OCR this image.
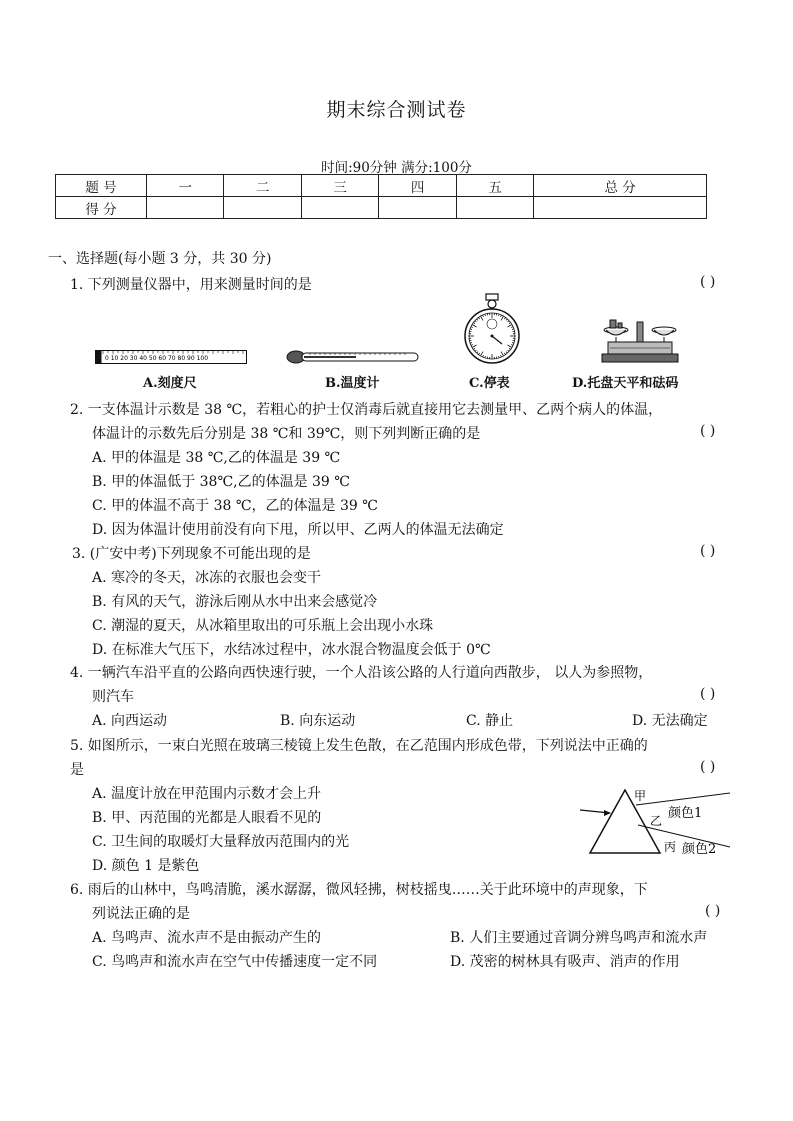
期末综合测试卷
时间:90分钟 满分:100分
题 号	一	二	三	四	五	总 分
得 分						
一、选择题(每小题 3 分，共 30 分)
1. 下列测量仪器中，用来测量时间的是	( )
0 10 20 30 40 50 60 70 80 90 100
A.刻度尺	B.温度计	C.停表	D.托盘天平和砝码
2. 一支体温计示数是 38 ℃，若粗心的护士仅消毒后就直接用它去测量甲、乙两个病人的体温，
体温计的示数先后分别是 38 ℃和 39℃，则下列判断正确的是	( )
A. 甲的体温是 38 ℃,乙的体温是 39 ℃
B. 甲的体温低于 38℃,乙的体温是 39 ℃
C. 甲的体温不高于 38 ℃，乙的体温是 39 ℃
D. 因为体温计使用前没有向下甩，所以甲、乙两人的体温无法确定
3. (广安中考)下列现象不可能出现的是	( )
A. 寒冷的冬天，冰冻的衣服也会变干
B. 有风的天气，游泳后刚从水中出来会感觉冷
C. 潮湿的夏天，从冰箱里取出的可乐瓶上会出现小水珠
D. 在标准大气压下，水结冰过程中，冰水混合物温度会低于 0℃
4. 一辆汽车沿平直的公路向西快速行驶，一个人沿该公路的人行道向西散步， 以人为参照物，
则汽车	( )
A. 向西运动	B. 向东运动	C. 静止	D. 无法确定
5. 如图所示，一束白光照在玻璃三棱镜上发生色散，在乙范围内形成色带，下列说法中正确的
是	( )
A. 温度计放在甲范围内示数才会上升
B. 甲、丙范围的光都是人眼看不见的
C. 卫生间的取暖灯大量释放丙范围内的光
D. 颜色 1 是紫色
甲
乙
丙
颜色1
颜色2
6. 雨后的山林中，鸟鸣清脆，溪水潺潺，微风轻拂，树枝摇曳……关于此环境中的声现象，下
列说法正确的是	( )
A. 鸟鸣声、流水声不是由振动产生的	B. 人们主要通过音调分辨鸟鸣声和流水声
C. 鸟鸣声和流水声在空气中传播速度一定不同	D. 茂密的树林具有吸声、消声的作用
